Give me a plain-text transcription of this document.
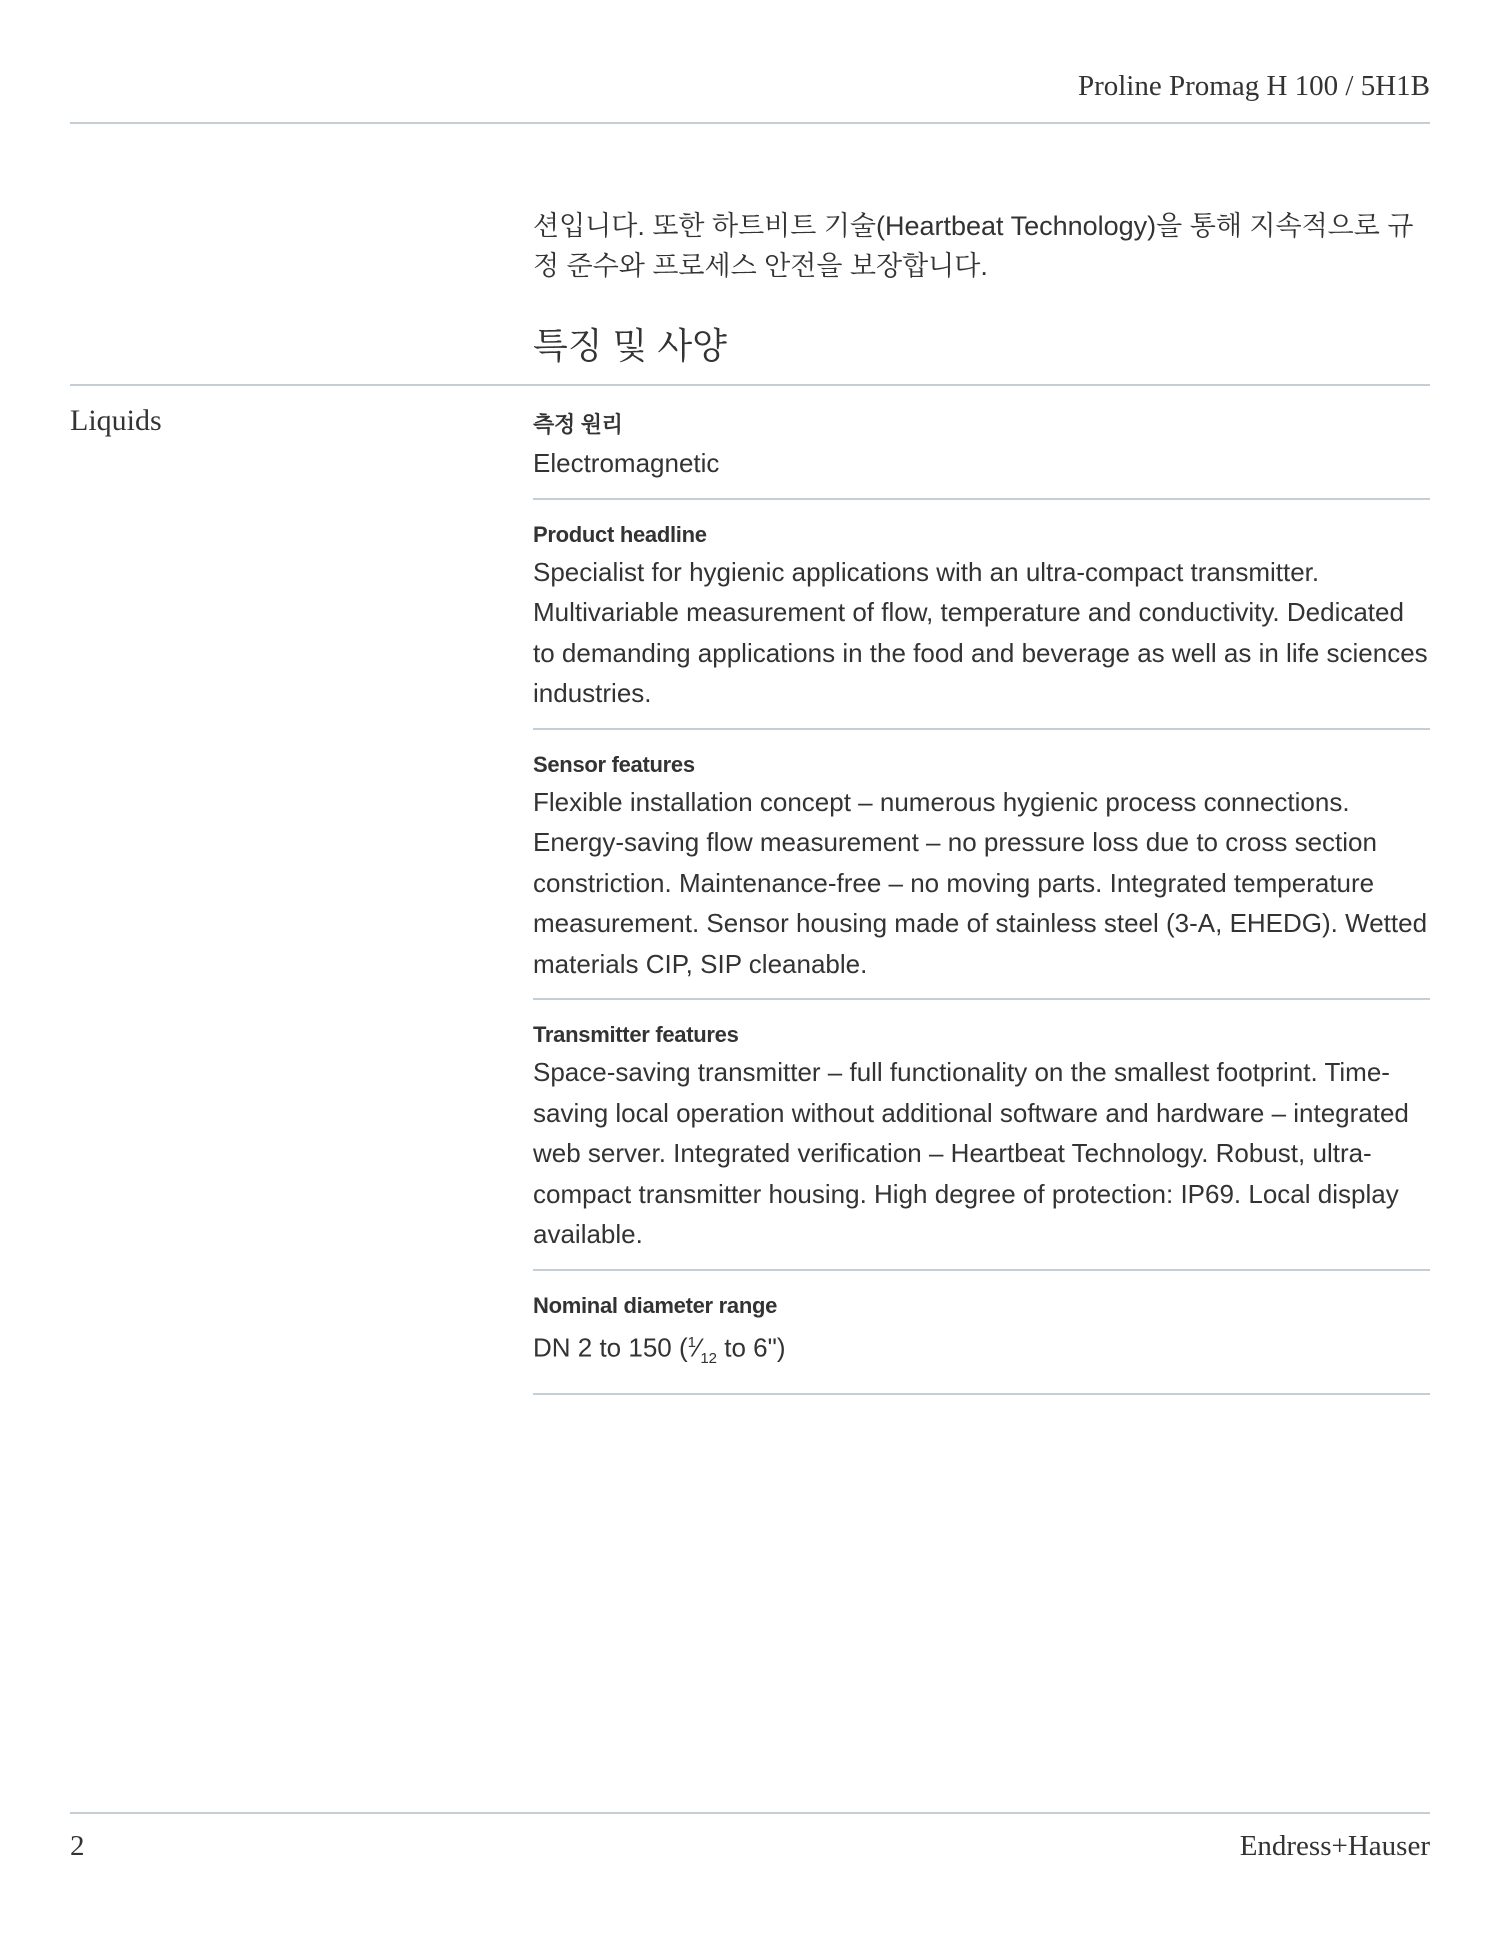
Proline Promag H 100 / 5H1B
션입니다. 또한 하트비트 기술(Heartbeat Technology)을 통해 지속적으로 규정 준수와 프로세스 안전을 보장합니다.
특징 및 사양
Liquids	측정 원리
Electromagnetic
Product headline
Specialist for hygienic applications with an ultra-compact transmitter. Multivariable measurement of flow, temperature and conductivity. Dedicated to demanding applications in the food and beverage as well as in life sciences industries.
Sensor features
Flexible installation concept – numerous hygienic process connections. Energy‐saving flow measurement – no pressure loss due to cross section constriction. Maintenance‐free – no moving parts. Integrated temperature measurement. Sensor housing made of stainless steel (3-A, EHEDG). Wetted materials CIP, SIP cleanable.
Transmitter features
Space‐saving transmitter – full functionality on the smallest footprint. Time‐saving local operation without additional software and hardware – integrated web server. Integrated verification – Heartbeat Technology. Robust, ultra-compact transmitter housing. High degree of protection: IP69. Local display available.
Nominal diameter range
DN 2 to 150 ($^1⁄_{12}$ to 6")
2	Endress+Hauser
